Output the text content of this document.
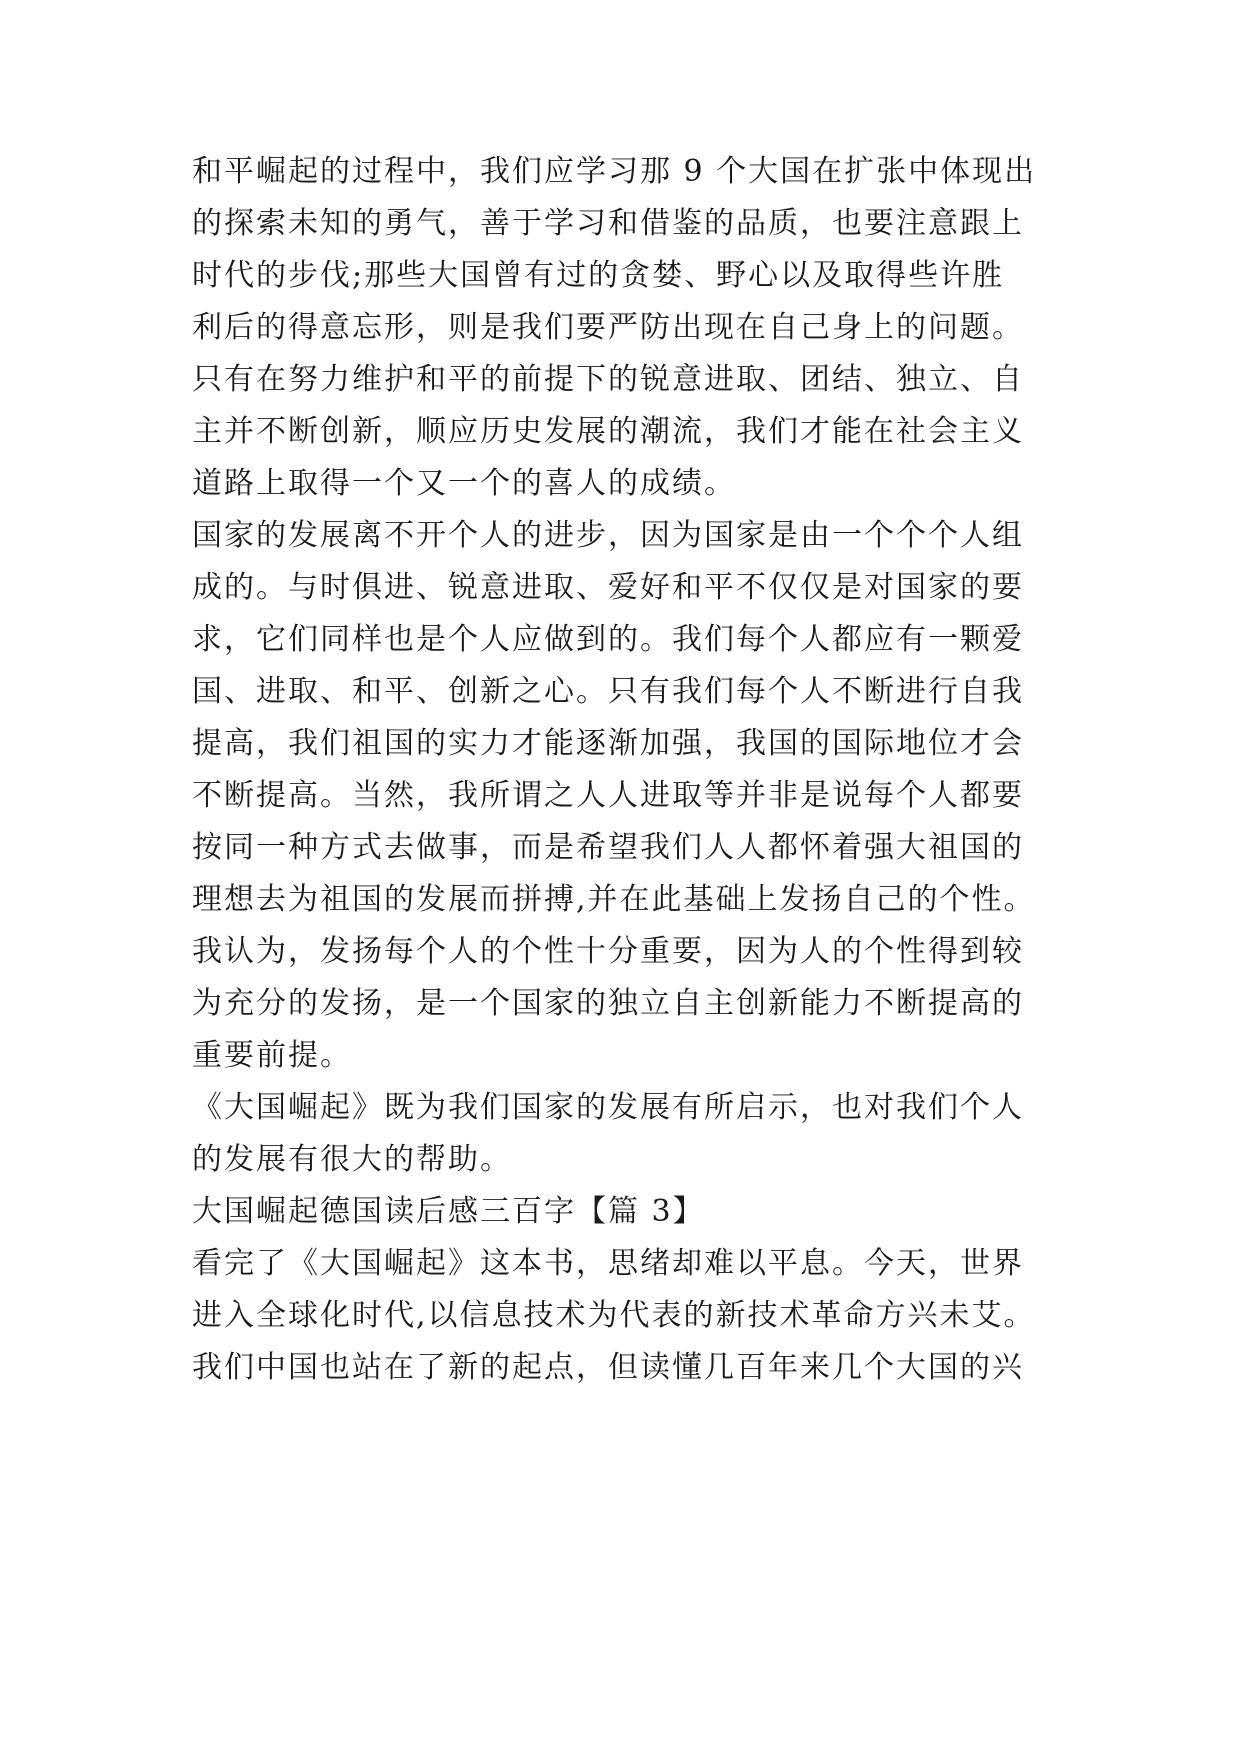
和平崛起的过程中，我们应学习那 9 个大国在扩张中体现出

的探索未知的勇气，善于学习和借鉴的品质，也要注意跟上

时代的步伐;那些大国曾有过的贪婪、野心以及取得些许胜

利后的得意忘形，则是我们要严防出现在自己身上的问题。

只有在努力维护和平的前提下的锐意进取、团结、独立、自

主并不断创新，顺应历史发展的潮流，我们才能在社会主义

道路上取得一个又一个的喜人的成绩。

国家的发展离不开个人的进步，因为国家是由一个个个人组

成的。与时俱进、锐意进取、爱好和平不仅仅是对国家的要

求，它们同样也是个人应做到的。我们每个人都应有一颗爱

国、进取、和平、创新之心。只有我们每个人不断进行自我

提高，我们祖国的实力才能逐渐加强，我国的国际地位才会

不断提高。当然，我所谓之人人进取等并非是说每个人都要

按同一种方式去做事，而是希望我们人人都怀着强大祖国的

理想去为祖国的发展而拼搏,并在此基础上发扬自己的个性。

我认为，发扬每个人的个性十分重要，因为人的个性得到较

为充分的发扬，是一个国家的独立自主创新能力不断提高的

重要前提。

《大国崛起》既为我们国家的发展有所启示，也对我们个人

的发展有很大的帮助。

大国崛起德国读后感三百字【篇 3】

看完了《大国崛起》这本书，思绪却难以平息。今天，世界

进入全球化时代,以信息技术为代表的新技术革命方兴未艾。

我们中国也站在了新的起点，但读懂几百年来几个大国的兴
